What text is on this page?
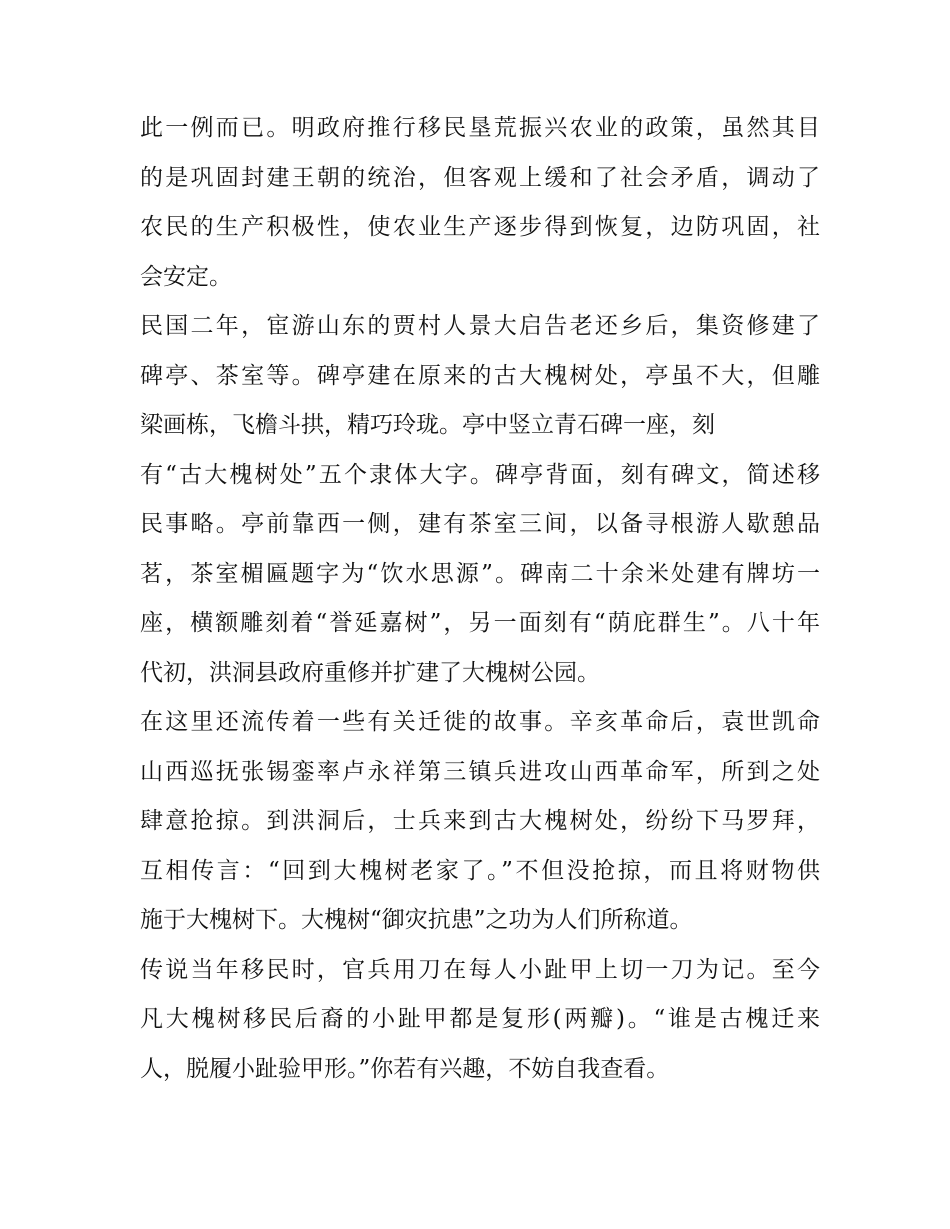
此一例而已。明政府推行移民垦荒振兴农业的政策，虽然其目
的是巩固封建王朝的统治，但客观上缓和了社会矛盾，调动了
农民的生产积极性，使农业生产逐步得到恢复，边防巩固，社
会安定。

民国二年，宦游山东的贾村人景大启告老还乡后，集资修建了
碑亭、茶室等。碑亭建在原来的古大槐树处，亭虽不大，但雕
梁画栋，飞檐斗拱，精巧玲珑。亭中竖立青石碑一座，刻
有“古大槐树处”五个隶体大字。碑亭背面，刻有碑文，简述移
民事略。亭前靠西一侧，建有茶室三间，以备寻根游人歇憩品
茗，茶室楣匾题字为“饮水思源”。碑南二十余米处建有牌坊一
座，横额雕刻着“誉延嘉树”，另一面刻有“荫庇群生”。八十年
代初，洪洞县政府重修并扩建了大槐树公园。

在这里还流传着一些有关迁徙的故事。辛亥革命后，袁世凯命
山西巡抚张锡銮率卢永祥第三镇兵进攻山西革命军，所到之处
肆意抢掠。到洪洞后，士兵来到古大槐树处，纷纷下马罗拜，
互相传言：“回到大槐树老家了。”不但没抢掠，而且将财物供
施于大槐树下。大槐树“御灾抗患”之功为人们所称道。

传说当年移民时，官兵用刀在每人小趾甲上切一刀为记。至今
凡大槐树移民后裔的小趾甲都是复形(两瓣)。“谁是古槐迁来
人，脱履小趾验甲形。”你若有兴趣，不妨自我查看。
